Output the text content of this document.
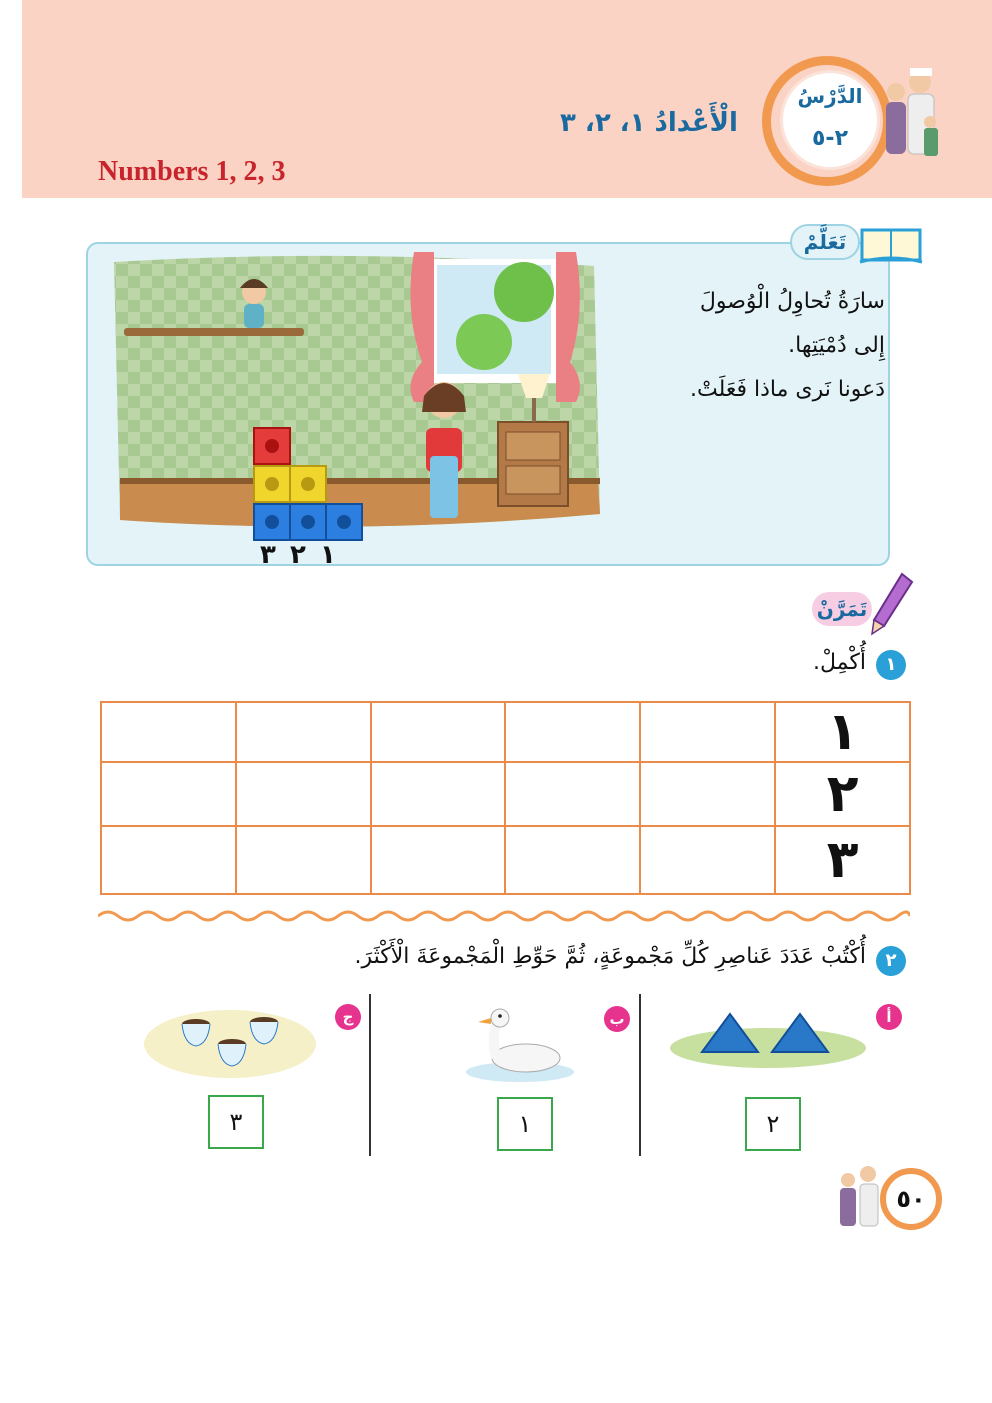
Numbers 1, 2, 3
الْأَعْدادُ ١، ٢، ٣
الدَّرْسُ
٢-٥
تَعَلَّمْ
سارَةُ تُحاوِلُ الْوُصولَ
إِلى دُمْيَتِها.
دَعونا نَرى ماذا فَعَلَتْ.
١
٢
٣
تَمَرَّنْ
١
أُكْمِلْ.

					١

					٢

					٣
٢
أُكْتُبْ عَدَدَ عَناصِرِ كُلِّ مَجْموعَةٍ، ثُمَّ حَوِّطِ الْمَجْموعَةَ الْأَكْثَرَ.
أ
٢
ب
١
ج
٣
٥٠
